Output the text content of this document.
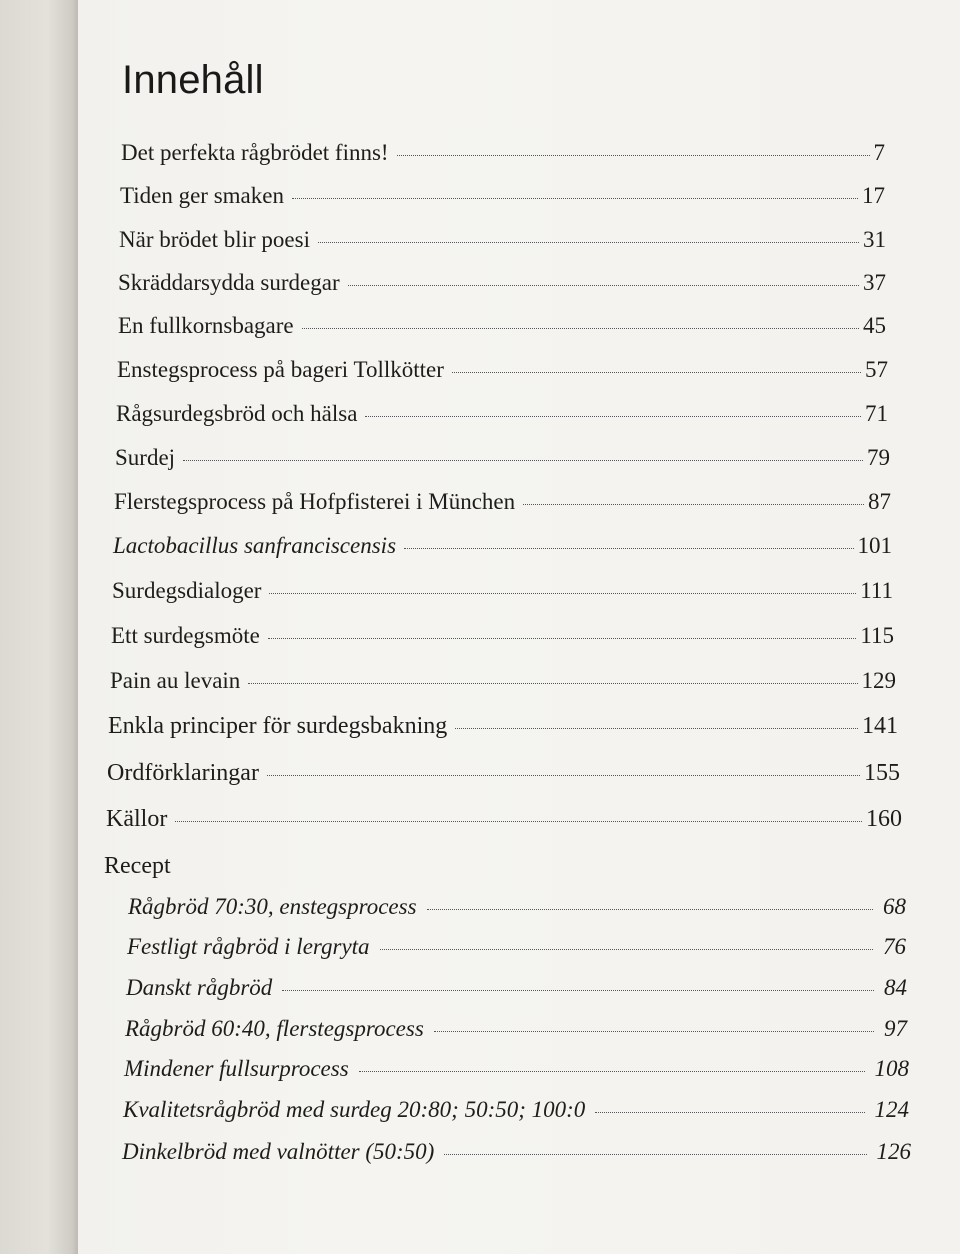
Innehåll
Det perfekta rågbrödet finns!	7
Tiden ger smaken	17
När brödet blir poesi	31
Skräddarsydda surdegar	37
En fullkornsbagare	45
Enstegsprocess på bageri Tollkötter	57
Rågsurdegsbröd och hälsa	71
Surdej	79
Flerstegsprocess på Hofpfisterei i München	87
Lactobacillus sanfranciscensis	101
Surdegsdialoger	111
Ett surdegsmöte	115
Pain au levain	129
Enkla principer för surdegsbakning	141
Ordförklaringar	155
Källor	160
Recept
Rågbröd 70:30, enstegsprocess	68
Festligt rågbröd i lergryta	76
Danskt rågbröd	84
Rågbröd 60:40, flerstegsprocess	97
Mindener fullsurprocess	108
Kvalitetsrågbröd med surdeg 20:80; 50:50; 100:0	124
Dinkelbröd med valnötter (50:50)	126
